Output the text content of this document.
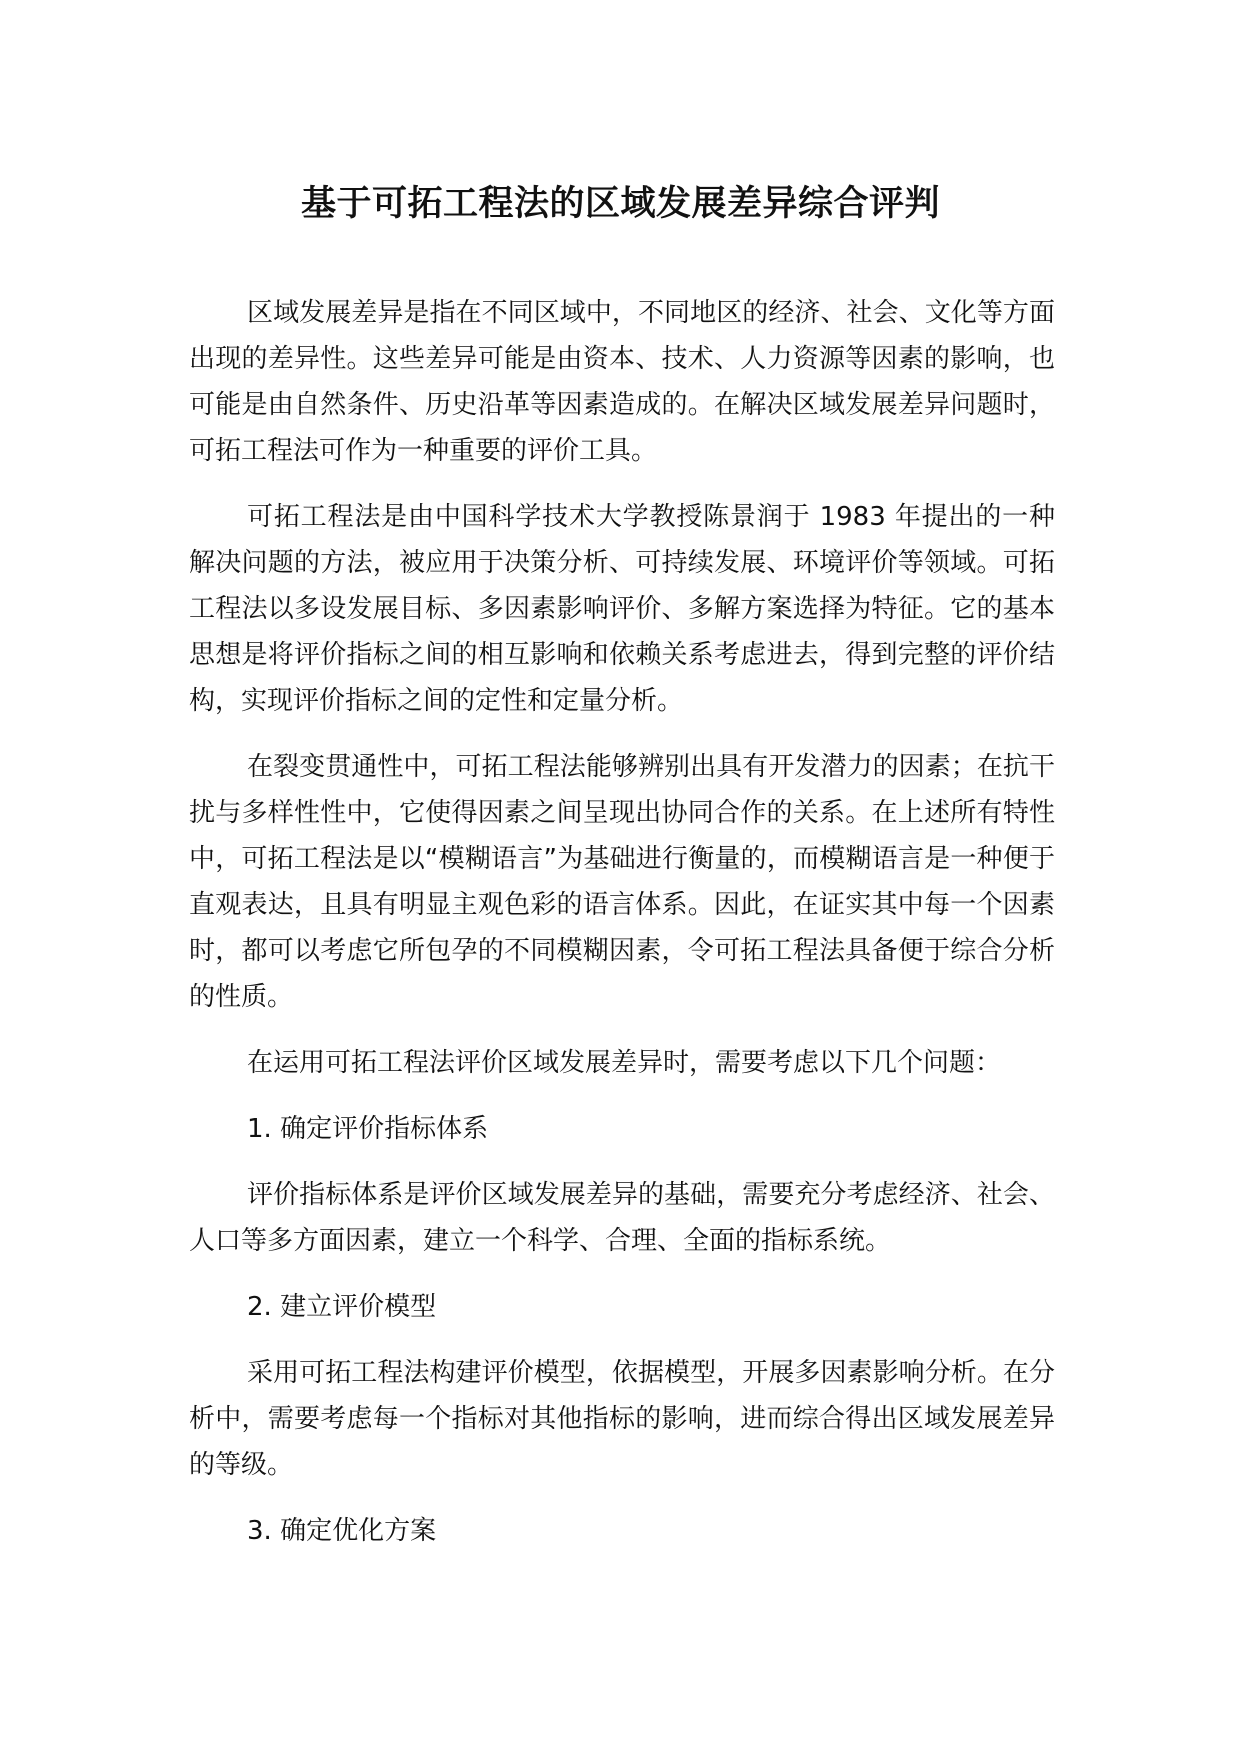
基于可拓工程法的区域发展差异综合评判

区域发展差异是指在不同区域中，不同地区的经济、社会、文化等方面出现的差异性。这些差异可能是由资本、技术、人力资源等因素的影响，也可能是由自然条件、历史沿革等因素造成的。在解决区域发展差异问题时，可拓工程法可作为一种重要的评价工具。

可拓工程法是由中国科学技术大学教授陈景润于 1983 年提出的一种解决问题的方法，被应用于决策分析、可持续发展、环境评价等领域。可拓工程法以多设发展目标、多因素影响评价、多解方案选择为特征。它的基本思想是将评价指标之间的相互影响和依赖关系考虑进去，得到完整的评价结构，实现评价指标之间的定性和定量分析。

在裂变贯通性中，可拓工程法能够辨别出具有开发潜力的因素；在抗干扰与多样性性中，它使得因素之间呈现出协同合作的关系。在上述所有特性中，可拓工程法是以“模糊语言”为基础进行衡量的，而模糊语言是一种便于直观表达，且具有明显主观色彩的语言体系。因此，在证实其中每一个因素时，都可以考虑它所包孕的不同模糊因素，令可拓工程法具备便于综合分析的性质。

在运用可拓工程法评价区域发展差异时，需要考虑以下几个问题：

1. 确定评价指标体系

评价指标体系是评价区域发展差异的基础，需要充分考虑经济、社会、人口等多方面因素，建立一个科学、合理、全面的指标系统。

2. 建立评价模型

采用可拓工程法构建评价模型，依据模型，开展多因素影响分析。在分析中，需要考虑每一个指标对其他指标的影响，进而综合得出区域发展差异的等级。

3. 确定优化方案
